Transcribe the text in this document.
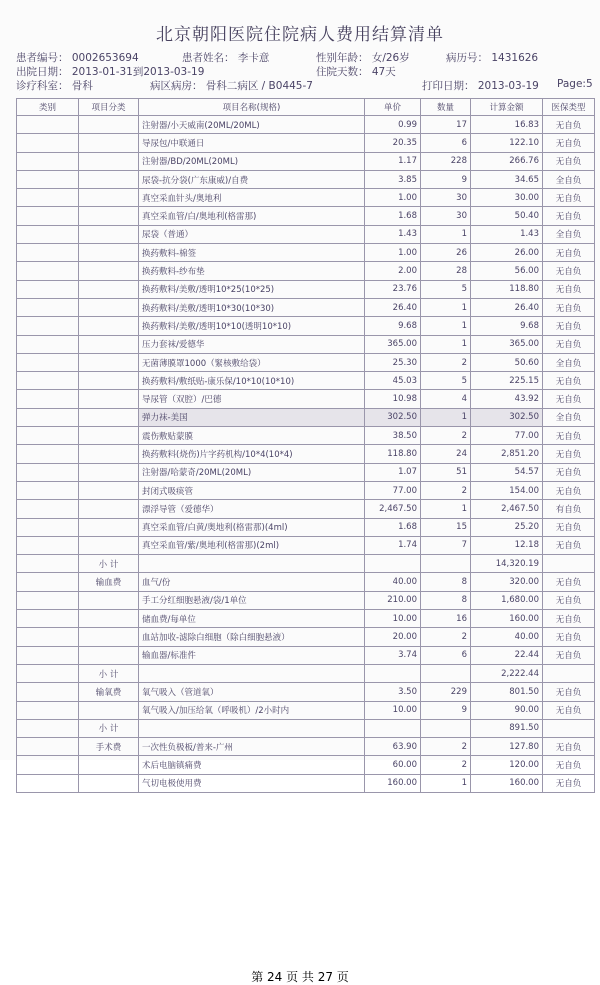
北京朝阳医院住院病人费用结算清单
患者编号： 0002653694	患者姓名： 李卡意	性别年龄： 女/26岁	病历号： 1431626
出院日期： 2013-01-31到2013-03-19	住院天数： 47天
诊疗科室： 骨科	病区病房： 骨科二病区 / B0445-7	打印日期： 2013-03-19 Page:5
类别	项目分类	项目名称(规格)	单价	数量	计算金额	医保类型
		注射器/小天威南(20ML/20ML)	0.99	17	16.83	无自负
		导尿包/中联通日	20.35	6	122.10	无自负
		注射器/BD/20ML(20ML)	1.17	228	266.76	无自负
		尿袋-抗分袋(广东康威)/自费	3.85	9	34.65	全自负
		真空采血针头/奥地利	1.00	30	30.00	无自负
		真空采血管/白/奥地利(格雷那)	1.68	30	50.40	无自负
		尿袋（普通）	1.43	1	1.43	全自负
		换药敷料-棉签	1.00	26	26.00	无自负
		换药敷料-纱布垫	2.00	28	56.00	无自负
		换药敷料/美敷/透明10*25(10*25)	23.76	5	118.80	无自负
		换药敷料/美敷/透明10*30(10*30)	26.40	1	26.40	无自负
		换药敷料/美敷/透明10*10(透明10*10)	9.68	1	9.68	无自负
		压力套袜/爱德华	365.00	1	365.00	无自负
		无菌薄膜罩1000（緊核敷给袋）	25.30	2	50.60	全自负
		换药敷料/敷纸贴-康乐保/10*10(10*10)	45.03	5	225.15	无自负
		导尿管（双腔）/巴德	10.98	4	43.92	无自负
		弹力袜-美国	302.50	1	302.50	全自负
		震伤敷贴蒙膜	38.50	2	77.00	无自负
		换药敷料(烧伤)片字药机构/10*4(10*4)	118.80	24	2,851.20	无自负
		注射器/哈蒙奇/20ML(20ML)	1.07	51	54.57	无自负
		封闭式吸痰管	77.00	2	154.00	无自负
		漂浮导管（爱德华）	2,467.50	1	2,467.50	有自负
		真空采血管/白黄/奥地利(格雷那)(4ml)	1.68	15	25.20	无自负
		真空采血管/紫/奥地利(格雷那)(2ml)	1.74	7	12.18	无自负
	小 计				14,320.19	
	输血费	血气/份	40.00	8	320.00	无自负
		手工分红细胞悬液/袋/1单位	210.00	8	1,680.00	无自负
		储血费/每单位	10.00	16	160.00	无自负
		血站加收-滤除白细胞（除白细胞悬液）	20.00	2	40.00	无自负
		输血器/标准件	3.74	6	22.44	无自负
	小 计				2,222.44	
	输氧费	氧气吸入（管道氧）	3.50	229	801.50	无自负
		氧气吸入/加压给氧（呼吸机）/2小时内	10.00	9	90.00	无自负
	小 计				891.50	
	手术费	一次性负极板/普来-广州	63.90	2	127.80	无自负
		术后电脑镇痛费	60.00	2	120.00	无自负
		气切电极使用费	160.00	1	160.00	无自负
第 24 页 共 27 页
